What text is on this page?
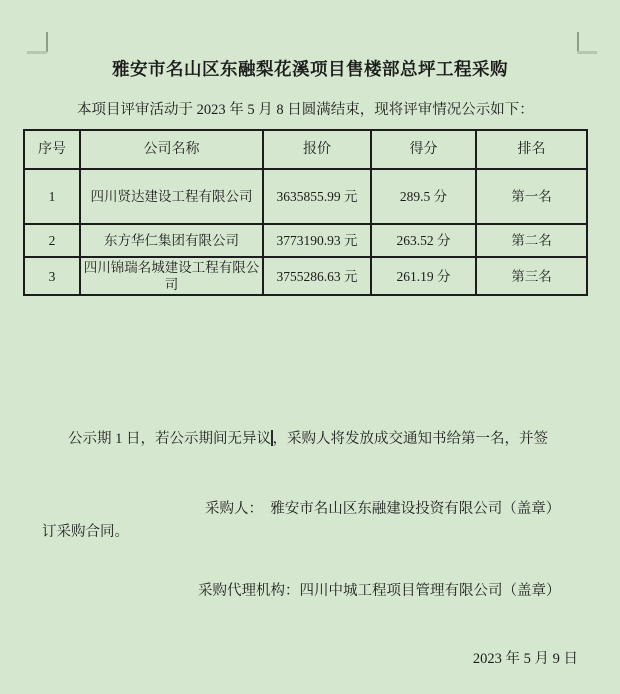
雅安市名山区东融梨花溪项目售楼部总坪工程采购
本项目评审活动于 2023 年 5 月 8 日圆满结束，现将评审情况公示如下：
序号	公司名称	报价	得分	排名
1	四川贤达建设工程有限公司	3635855.99 元	289.5 分	第一名
2	东方华仁集团有限公司	3773190.93 元	263.52 分	第二名
3	四川锦瑞名城建设工程有限公司	3755286.63 元	261.19 分	第三名

公示期 1 日，若公示期间无异议 ，采购人将发放成交通知书给第一名，并签

订采购合同。

采购人：　雅安市名山区东融建设投资有限公司（盖章）
采购代理机构：四川中城工程项目管理有限公司（盖章）
2023 年 5 月 9 日
